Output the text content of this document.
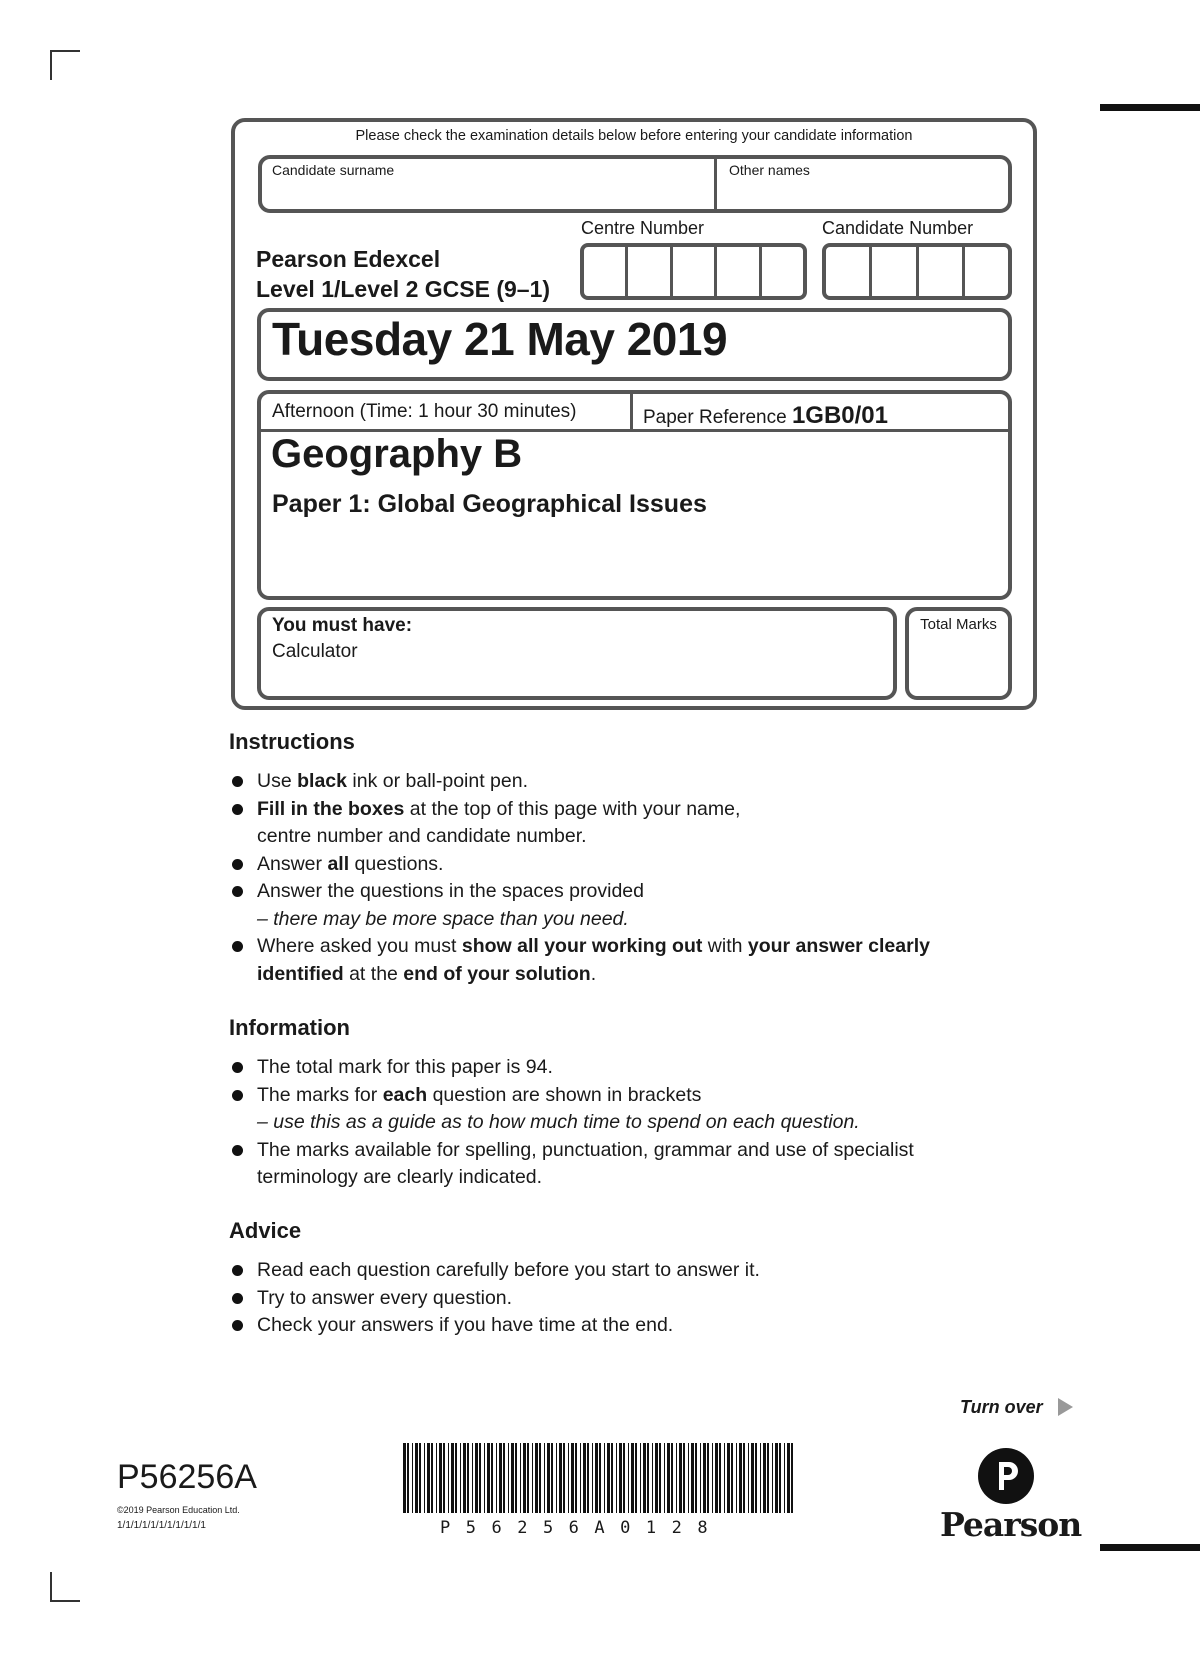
Please check the examination details below before entering your candidate information
Candidate surname	Other names
Centre Number	Candidate Number
Pearson Edexcel
Level 1/Level 2 GCSE (9–1)
Tuesday 21 May 2019
Afternoon (Time: 1 hour 30 minutes)	Paper Reference 1GB0/01
Geography B
Paper 1: Global Geographical Issues
You must have:
Calculator
Total Marks
Instructions
Use black ink or ball-point pen.
Fill in the boxes at the top of this page with your name,
centre number and candidate number.
Answer all questions.
Answer the questions in the spaces provided
– there may be more space than you need.
Where asked you must show all your working out with your answer clearly
identified at the end of your solution.
Information
The total mark for this paper is 94.
The marks for each question are shown in brackets
– use this as a guide as to how much time to spend on each question.
The marks available for spelling, punctuation, grammar and use of specialist
terminology are clearly indicated.
Advice
Read each question carefully before you start to answer it.
Try to answer every question.
Check your answers if you have time at the end.
Turn over
P56256A
©2019 Pearson Education Ltd.
1/1/1/1/1/1/1/1/1/1/1	P56256A0128	Pearson
